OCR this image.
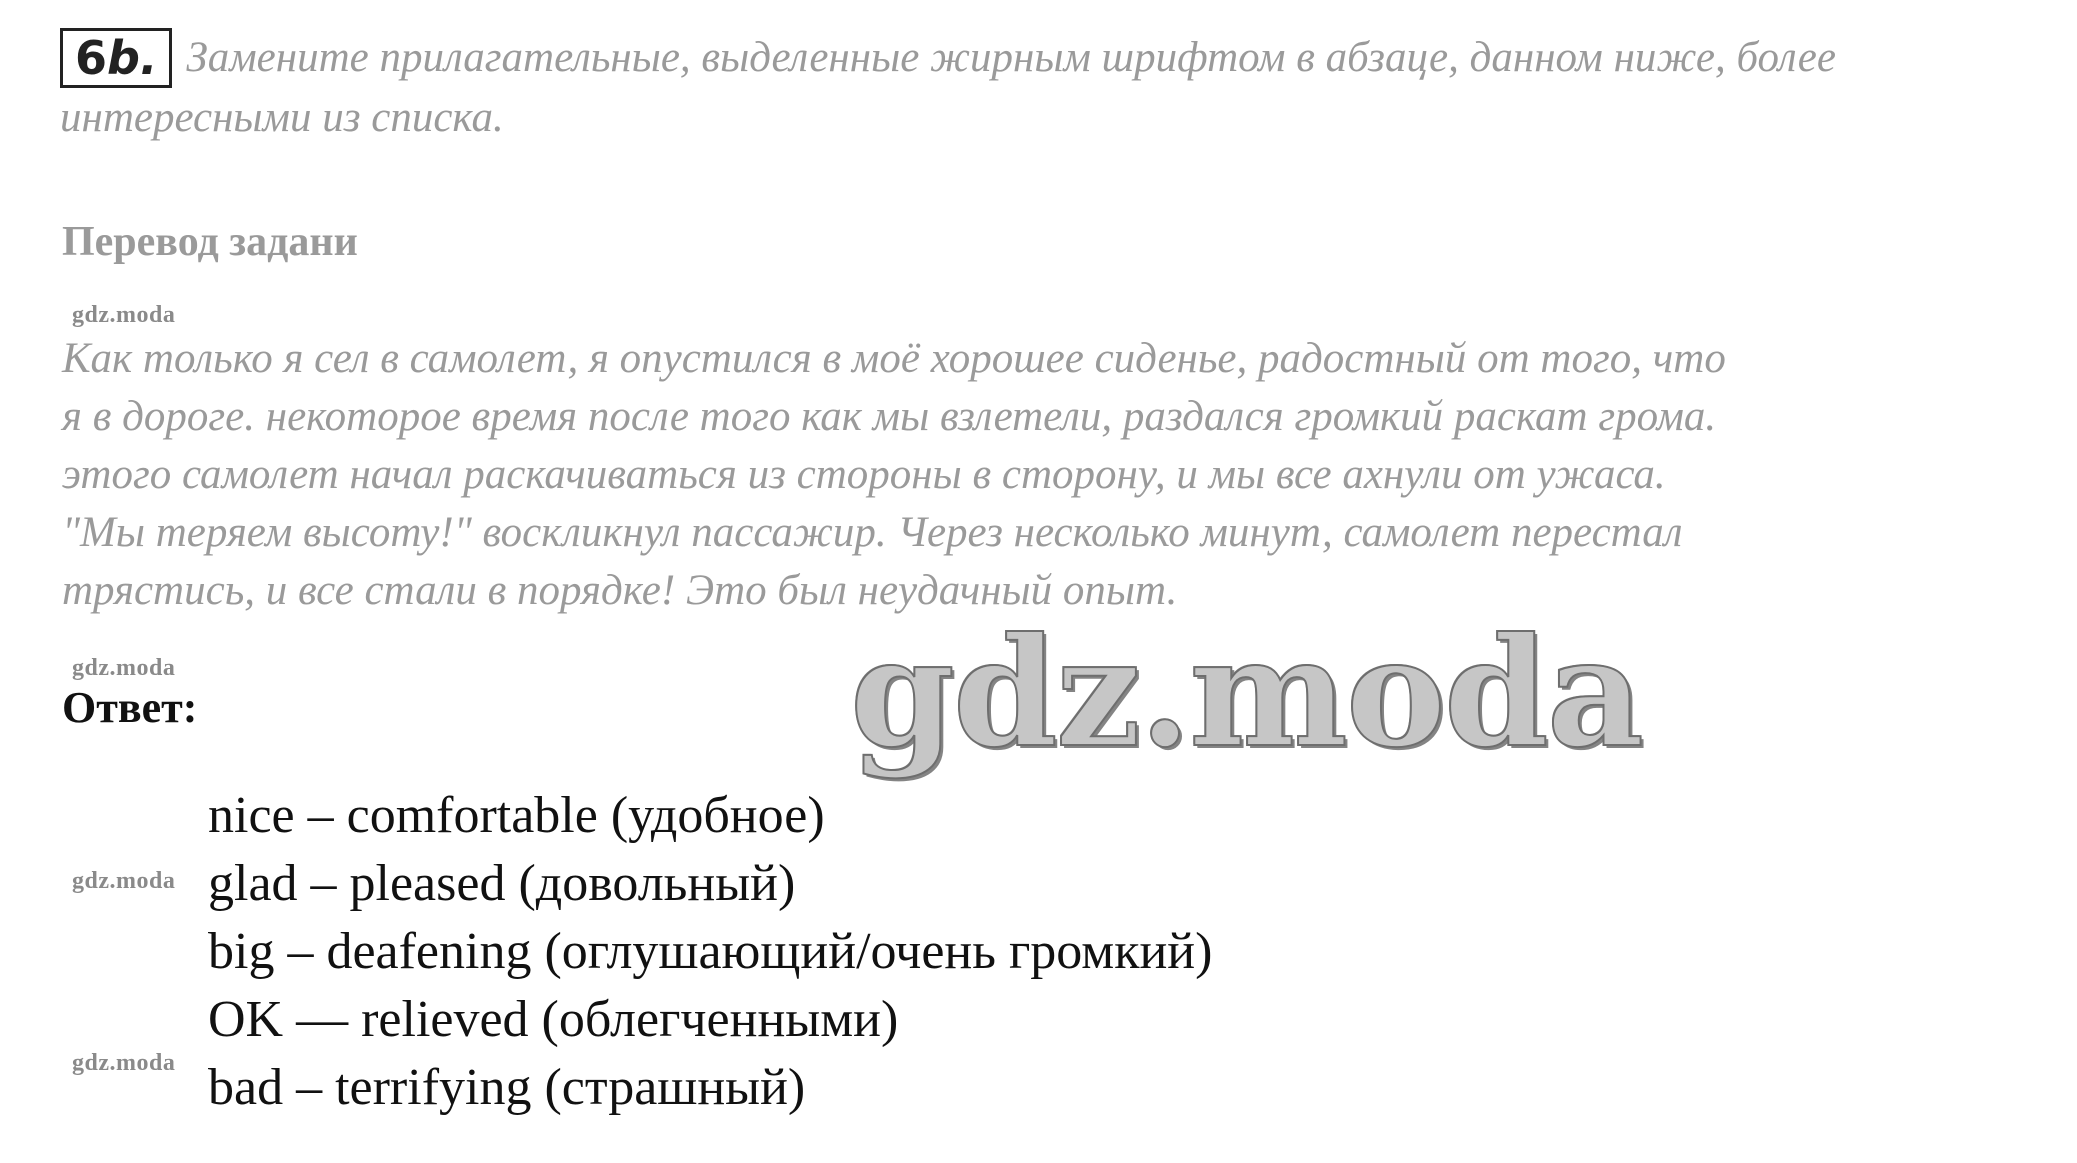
6b. Замените прилагательные, выделенные жирным шрифтом в абзаце, данном ниже, более интересными из списка.
Перевод задани
gdz.moda

Как только я сел в самолет, я опустился в моё хорошее сиденье, радостный от того, что

я в дороге. некоторое время после того как мы взлетели, раздался громкий раскат грома.

этого самолет начал раскачиваться из стороны в сторону, и мы все ахнули от ужаса.

"Мы теряем высоту!" воскликнул пассажир. Через несколько минут, самолет перестал

трястись, и все стали в порядке! Это был неудачный опыт.

gdz.moda
Ответ:	gdz.moda
nice – comfortable (удобное)
glad – pleased (довольный)
big – deafening (оглушающий/очень громкий)
OK — relieved (облегченными)
bad – terrifying (страшный)
gdz.moda
gdz.moda
